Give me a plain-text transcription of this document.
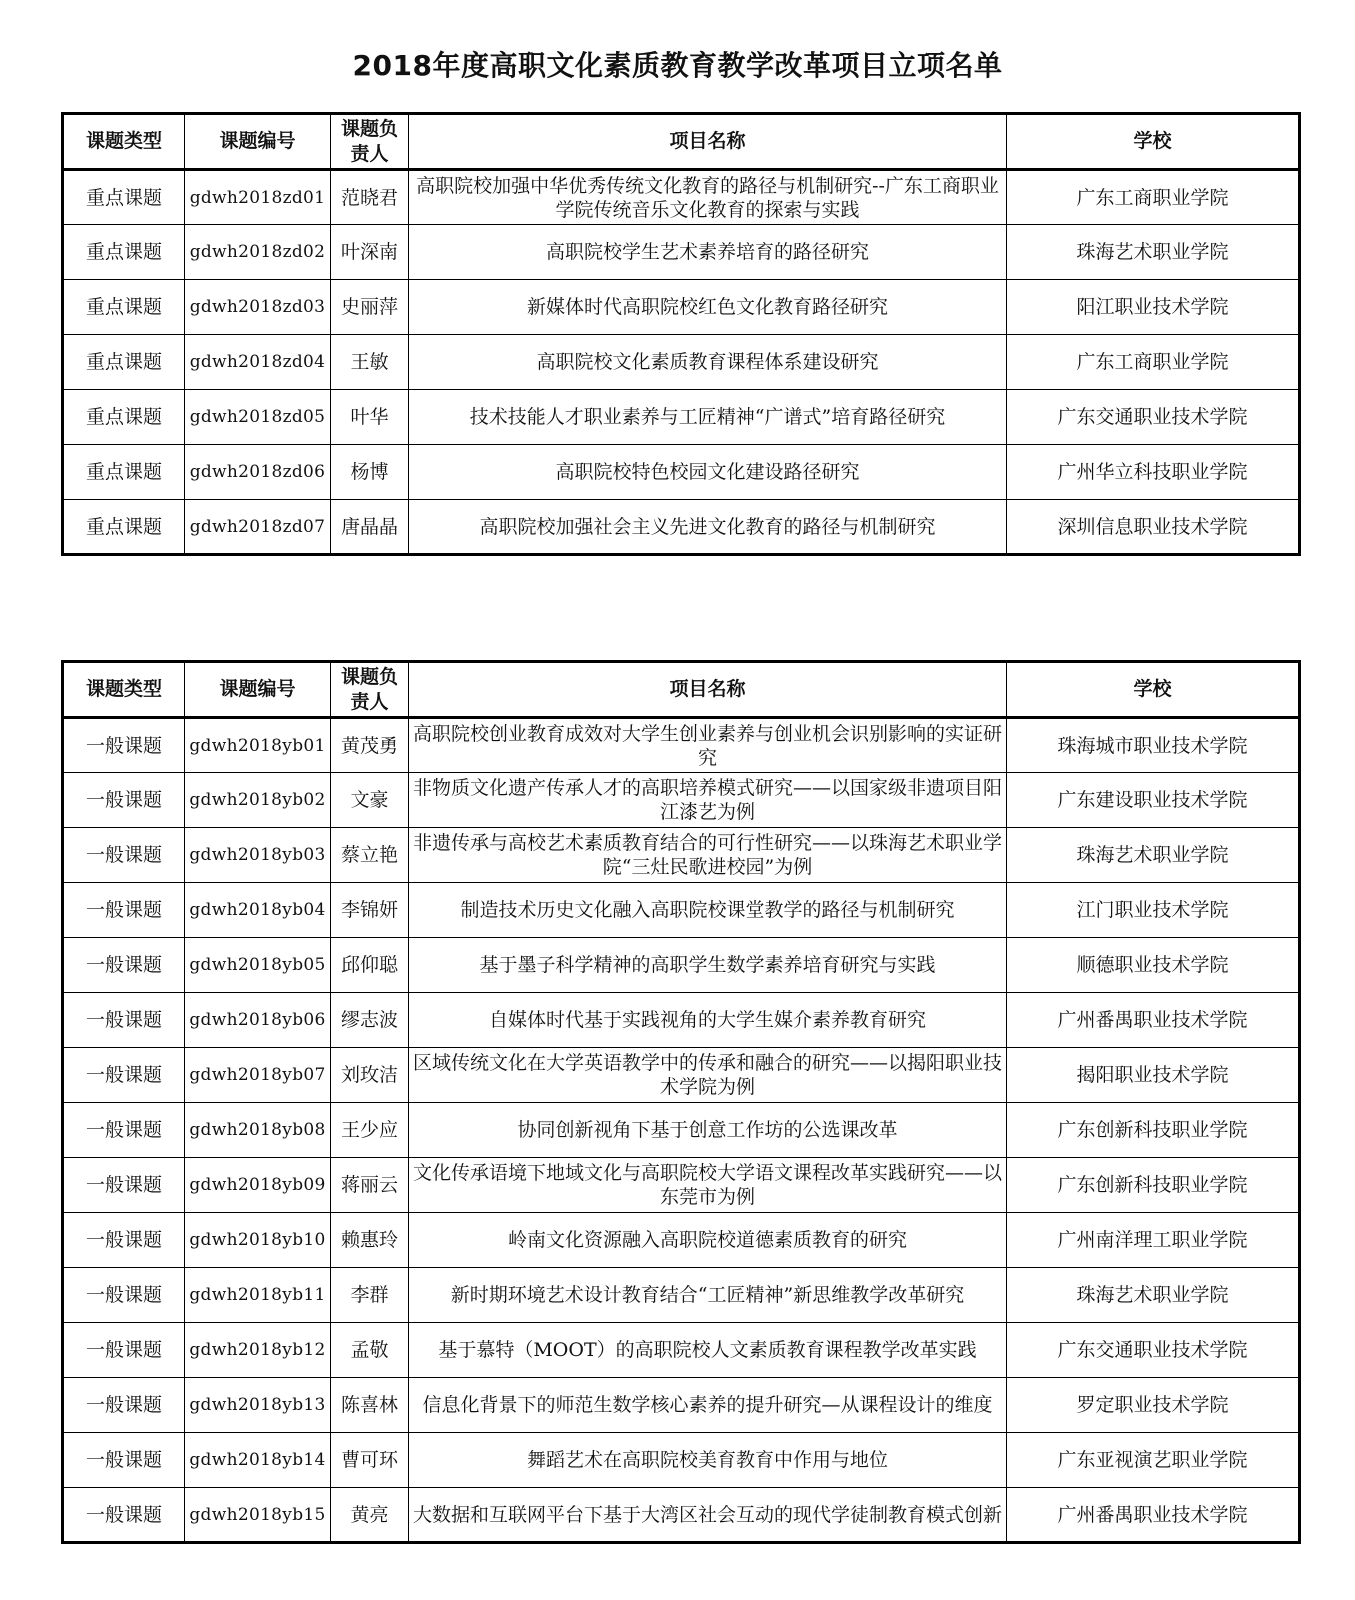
2018年度高职文化素质教育教学改革项目立项名单
课题类型	课题编号	课题负责人	项目名称	学校
重点课题	gdwh2018zd01	范晓君	高职院校加强中华优秀传统文化教育的路径与机制研究--广东工商职业学院传统音乐文化教育的探索与实践	广东工商职业学院
重点课题	gdwh2018zd02	叶深南	高职院校学生艺术素养培育的路径研究	珠海艺术职业学院
重点课题	gdwh2018zd03	史丽萍	新媒体时代高职院校红色文化教育路径研究	阳江职业技术学院
重点课题	gdwh2018zd04	王敏	高职院校文化素质教育课程体系建设研究	广东工商职业学院
重点课题	gdwh2018zd05	叶华	技术技能人才职业素养与工匠精神“广谱式”培育路径研究	广东交通职业技术学院
重点课题	gdwh2018zd06	杨博	高职院校特色校园文化建设路径研究	广州华立科技职业学院
重点课题	gdwh2018zd07	唐晶晶	高职院校加强社会主义先进文化教育的路径与机制研究	深圳信息职业技术学院
课题类型	课题编号	课题负责人	项目名称	学校
一般课题	gdwh2018yb01	黄茂勇	高职院校创业教育成效对大学生创业素养与创业机会识别影响的实证研究	珠海城市职业技术学院
一般课题	gdwh2018yb02	文豪	非物质文化遗产传承人才的高职培养模式研究——以国家级非遗项目阳江漆艺为例	广东建设职业技术学院
一般课题	gdwh2018yb03	蔡立艳	非遗传承与高校艺术素质教育结合的可行性研究——以珠海艺术职业学院“三灶民歌进校园”为例	珠海艺术职业学院
一般课题	gdwh2018yb04	李锦妍	制造技术历史文化融入高职院校课堂教学的路径与机制研究	江门职业技术学院
一般课题	gdwh2018yb05	邱仰聪	基于墨子科学精神的高职学生数学素养培育研究与实践	顺德职业技术学院
一般课题	gdwh2018yb06	缪志波	自媒体时代基于实践视角的大学生媒介素养教育研究	广州番禺职业技术学院
一般课题	gdwh2018yb07	刘玫洁	区域传统文化在大学英语教学中的传承和融合的研究——以揭阳职业技术学院为例	揭阳职业技术学院
一般课题	gdwh2018yb08	王少应	协同创新视角下基于创意工作坊的公选课改革	广东创新科技职业学院
一般课题	gdwh2018yb09	蒋丽云	文化传承语境下地域文化与高职院校大学语文课程改革实践研究——以东莞市为例	广东创新科技职业学院
一般课题	gdwh2018yb10	赖惠玲	岭南文化资源融入高职院校道德素质教育的研究	广州南洋理工职业学院
一般课题	gdwh2018yb11	李群	新时期环境艺术设计教育结合“工匠精神”新思维教学改革研究	珠海艺术职业学院
一般课题	gdwh2018yb12	孟敬	基于慕特（MOOT）的高职院校人文素质教育课程教学改革实践	广东交通职业技术学院
一般课题	gdwh2018yb13	陈喜林	信息化背景下的师范生数学核心素养的提升研究—从课程设计的维度	罗定职业技术学院
一般课题	gdwh2018yb14	曹可环	舞蹈艺术在高职院校美育教育中作用与地位	广东亚视演艺职业学院
一般课题	gdwh2018yb15	黄亮	大数据和互联网平台下基于大湾区社会互动的现代学徒制教育模式创新	广州番禺职业技术学院
